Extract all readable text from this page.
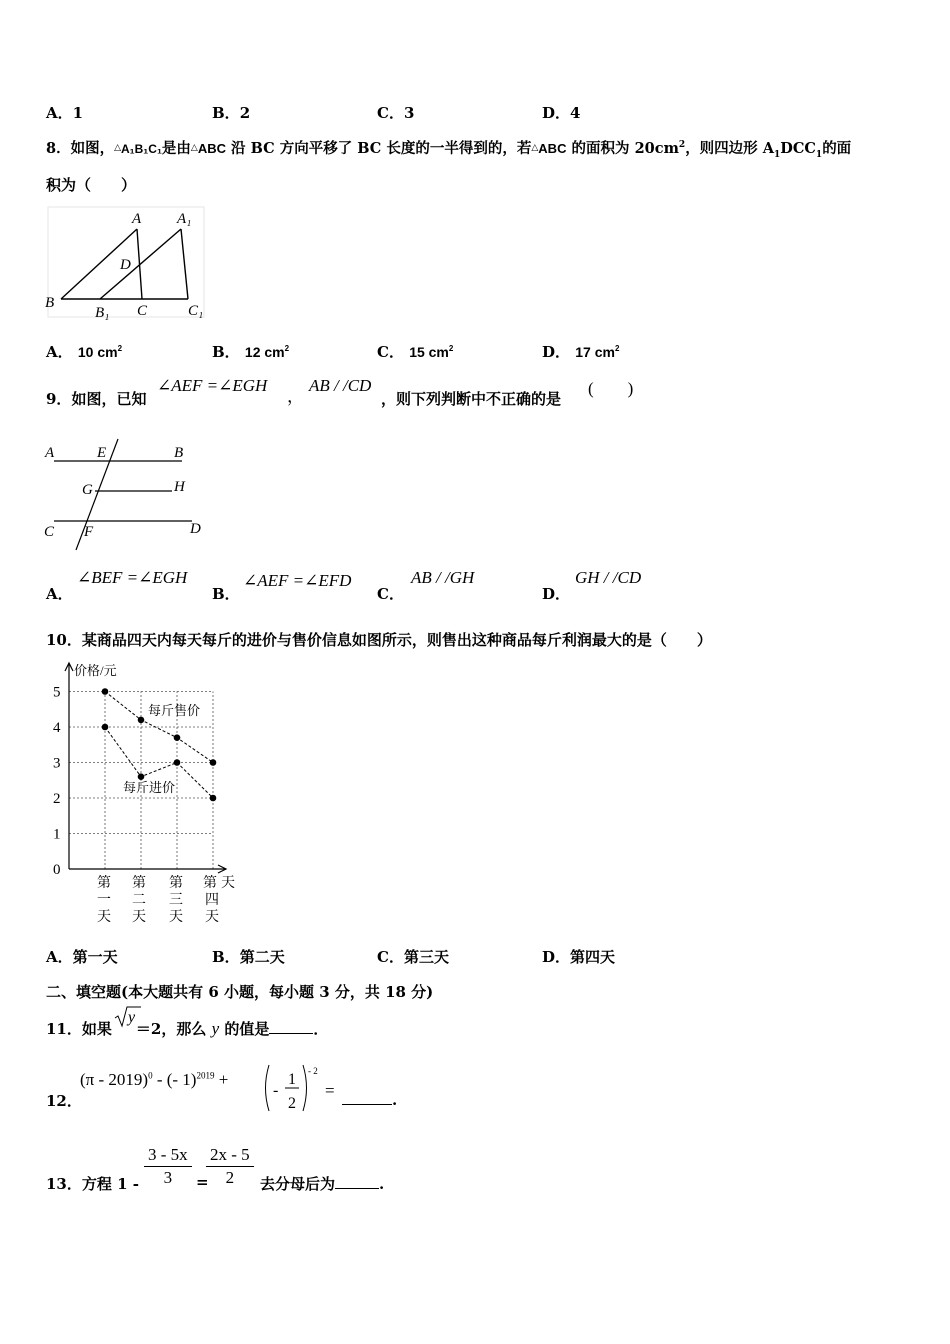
A．1	B．2	C．3	D．4
8．如图，△A₁B₁C₁是由△ABC 沿 BC 方向平移了 BC 长度的一半得到的，若△ABC 的面积为 $20cm^2$，则四边形 $A_1DCC_1$的面
积为（　　）
A A₁
D
B
B₁ C	C₁
A． 10 $cm^2$	B． 12 $cm^2$	C． 15 $cm^2$	D． 17 $cm^2$
9．如图，已知
∠AEF =∠EGH
，
AB / /CD
，则下列判断中不正确的是
(　　)
A	E	B
G	H
C F	D
A．
∠BEF =∠EGH
B．
∠AEF =∠EFD
C．
AB / /GH
D．
GH / /CD
10．某商品四天内每天每斤的进价与售价信息如图所示，则售出这种商品每斤利润最大的是（　　）
价格/元
0
1
2
3
4
5
第 天
第
一
天
第
二
天
第
三
天
四
天
每斤售价
每斤进价
A．第一天	B．第二天	C．第三天	D．第四天
二、填空题(本大题共有 6 小题，每小题 3 分，共 18 分)
11．如果 ＝2，那么 y 的值是	．
y
12．
(π - 2019)$^0$ - (- 1)$^{2019}$ +
-
1
2
- 2
=	.
13．方程 $1 - \frac{3 - 5x}{3}$ =
$\frac{2x - 5}{2}$ 去分母后为	.
